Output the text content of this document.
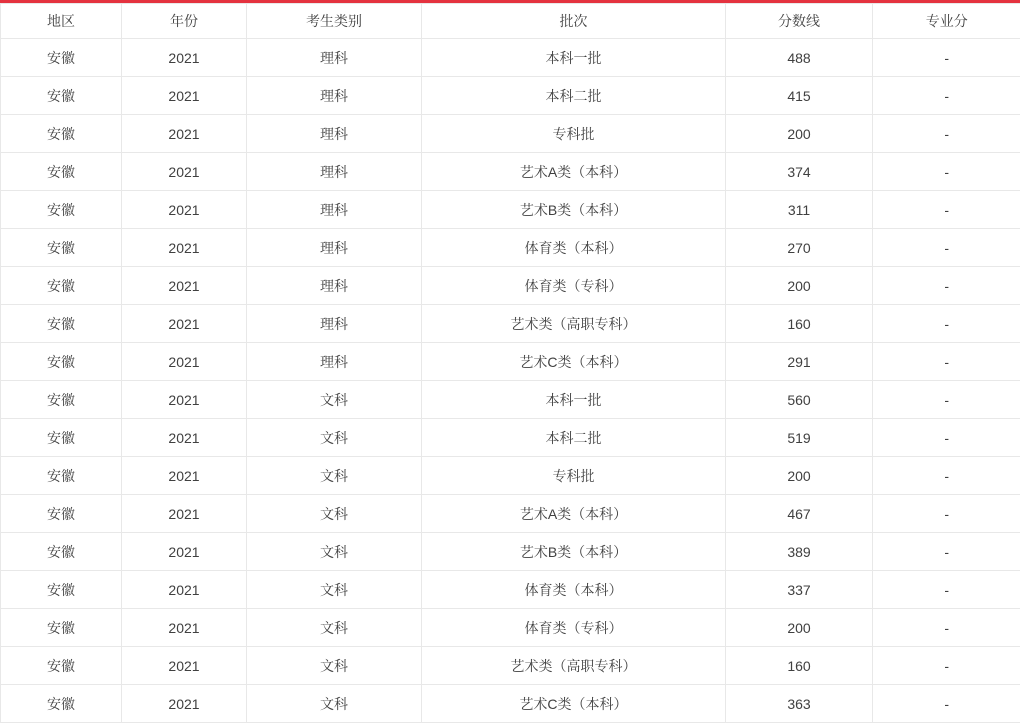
地区	年份	考生类别	批次	分数线	专业分
安徽	2021	理科	本科一批	488	-
安徽	2021	理科	本科二批	415	-
安徽	2021	理科	专科批	200	-
安徽	2021	理科	艺术A类（本科）	374	-
安徽	2021	理科	艺术B类（本科）	311	-
安徽	2021	理科	体育类（本科）	270	-
安徽	2021	理科	体育类（专科）	200	-
安徽	2021	理科	艺术类（高职专科）	160	-
安徽	2021	理科	艺术C类（本科）	291	-
安徽	2021	文科	本科一批	560	-
安徽	2021	文科	本科二批	519	-
安徽	2021	文科	专科批	200	-
安徽	2021	文科	艺术A类（本科）	467	-
安徽	2021	文科	艺术B类（本科）	389	-
安徽	2021	文科	体育类（本科）	337	-
安徽	2021	文科	体育类（专科）	200	-
安徽	2021	文科	艺术类（高职专科）	160	-
安徽	2021	文科	艺术C类（本科）	363	-
